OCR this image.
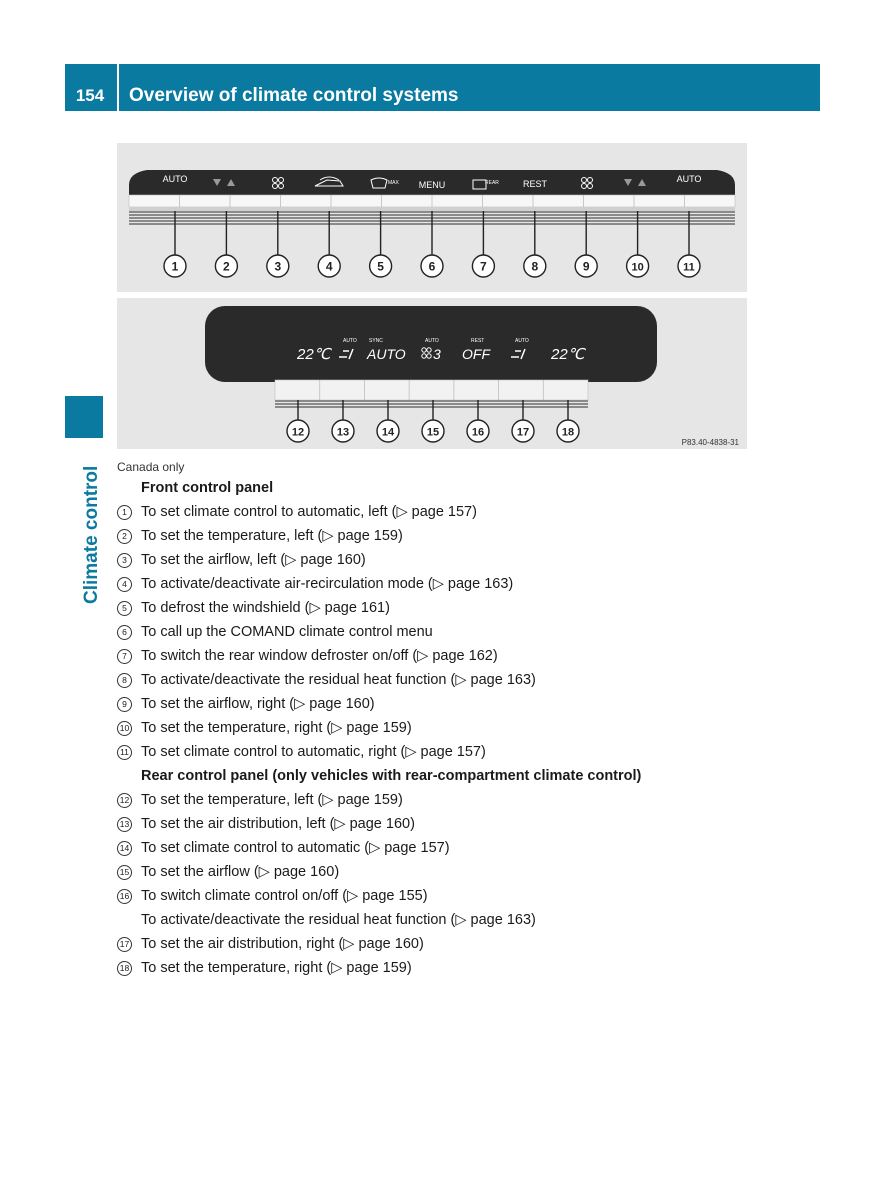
154	Overview of climate control systems
Climate control
AUTO
MENU	REST	AUTO
MAX	REAR
1	2	3	4	5	6	7	8	9	10	11
22℃	22℃
AUTO SYNC	AUTO	REST	AUTO
AUTO 3 OFF
12	13	14	15	16	17	18
P83.40-4838-31
Canada only
Front control panel
1 To set climate control to automatic, left (▷ page 157)
2 To set the temperature, left (▷ page 159)
3 To set the airflow, left (▷ page 160)
4 To activate/deactivate air-recirculation mode (▷ page 163)
5 To defrost the windshield (▷ page 161)
6 To call up the COMAND climate control menu
7 To switch the rear window defroster on/off (▷ page 162)
8 To activate/deactivate the residual heat function (▷ page 163)
9 To set the airflow, right (▷ page 160)
10 To set the temperature, right (▷ page 159)
11 To set climate control to automatic, right (▷ page 157)
Rear control panel (only vehicles with rear-compartment climate control)
12 To set the temperature, left (▷ page 159)
13 To set the air distribution, left (▷ page 160)
14 To set climate control to automatic (▷ page 157)
15 To set the airflow (▷ page 160)
16 To switch climate control on/off (▷ page 155)
To activate/deactivate the residual heat function (▷ page 163)
17 To set the air distribution, right (▷ page 160)
18 To set the temperature, right (▷ page 159)
